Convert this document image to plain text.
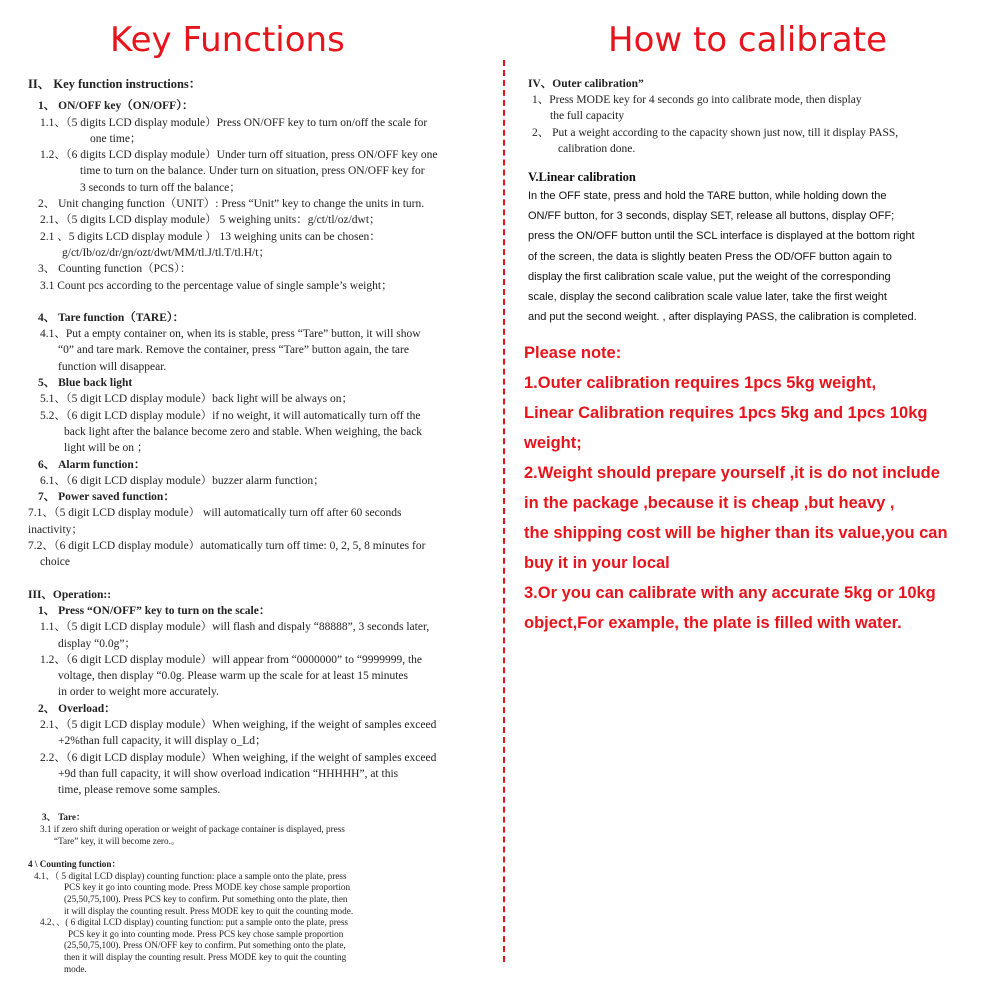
Key Functions	How to calibrate

II、 Key function instructions：

1、 ON/OFF key（ON/OFF）：

1.1、（5 digits LCD display module）Press ON/OFF key to turn on/off the scale for

one time；

1.2、（6 digits LCD display module）Under turn off situation, press ON/OFF key one

time to turn on the balance. Under turn on situation, press ON/OFF key for

3 seconds to turn off the balance；

2、 Unit changing function（UNIT）: Press “Unit” key to change the units in turn.

2.1、（5 digits LCD display module） 5 weighing units：g/ct/tl/oz/dwt；

2.1 、5 digits LCD display module ） 13 weighing units can be chosen：

g/ct/Ib/oz/dr/gn/ozt/dwt/MM/tl.J/tl.T/tl.H/t；

3、 Counting function（PCS）：

3.1 Count pcs according to the percentage value of single sample’s weight；

4、 Tare function（TARE）：

4.1、Put a empty container on, when its is stable, press “Tare” button, it will show

“0” and tare mark. Remove the container, press “Tare” button again, the tare

function will disappear.

5、 Blue back light

5.1、（5 digit LCD display module）back light will be always on；

5.2、（6 digit LCD display module）if no weight, it will automatically turn off the

back light after the balance become zero and stable. When weighing, the back

light will be on ；

6、 Alarm function：

6.1、（6 digit LCD display module）buzzer alarm function；

7、 Power saved function：

7.1、（5 digit LCD display module） will automatically turn off after 60 seconds

inactivity；

7.2、（6 digit LCD display module）automatically turn off time: 0, 2, 5, 8 minutes for

choice

III、Operation::

1、 Press “ON/OFF” key to turn on the scale：

1.1、（5 digit LCD display module）will flash and dispaly “88888”, 3 seconds later,

display “0.0g”；

1.2、（6 digit LCD display module）will appear from “0000000” to “9999999, the

voltage, then display “0.0g. Please warm up the scale for at least 15 minutes

in order to weight more accurately.

2、 Overload：

2.1、（5 digit LCD display module）When weighing, if the weight of samples exceed

+2%than full capacity, it will display o_Ld；

2.2、（6 digit LCD display module）When weighing, if the weight of samples exceed

+9d than full capacity, it will show overload indication “HHHHH”, at this

time, please remove some samples.

3、 Tare：

3.1 if zero shift during operation or weight of package container is displayed, press

“Tare” key, it will become zero.。

4 \ Counting function：

4.1、（ 5 digital LCD display) counting function: place a sample onto the plate, press

PCS key it go into counting mode. Press MODE key chose sample proportion

(25,50,75,100). Press PCS key to confirm. Put something onto the plate, then

it will display the counting result. Press MODE key to quit the counting mode.

4.2、、( 6 digital LCD display) counting function: put a sample onto the plate, press

PCS key it go into counting mode. Press PCS key chose sample proportion

(25,50,75,100). Press ON/OFF key to confirm. Put something onto the plate,

then it will display the counting result. Press MODE key to quit the counting

mode.

IV、Outer calibration”

1、Press MODE key for 4 seconds go into calibrate mode, then display

the full capacity

2、 Put a weight according to the capacity shown just now, till it display PASS,

calibration done.

V.Linear calibration

In the OFF state, press and hold the TARE button, while holding down the

ON/FF button, for 3 seconds, display SET, release all buttons, display OFF;

press the ON/OFF button until the SCL interface is displayed at the bottom right

of the screen, the data is slightly beaten Press the OD/OFF button again to

display the first calibration scale value, put the weight of the corresponding

scale, display the second calibration scale value later, take the first weight

and put the second weight. , after displaying PASS, the calibration is completed.

Please note:

1.Outer calibration requires 1pcs 5kg weight,

Linear Calibration requires 1pcs 5kg and 1pcs 10kg

weight;

2.Weight should prepare yourself ,it is do not include

in the package ,because it is cheap ,but heavy ,

the shipping cost will be higher than its value,you can

buy it in your local

3.Or you can calibrate with any accurate 5kg or 10kg

object,For example, the plate is filled with water.
